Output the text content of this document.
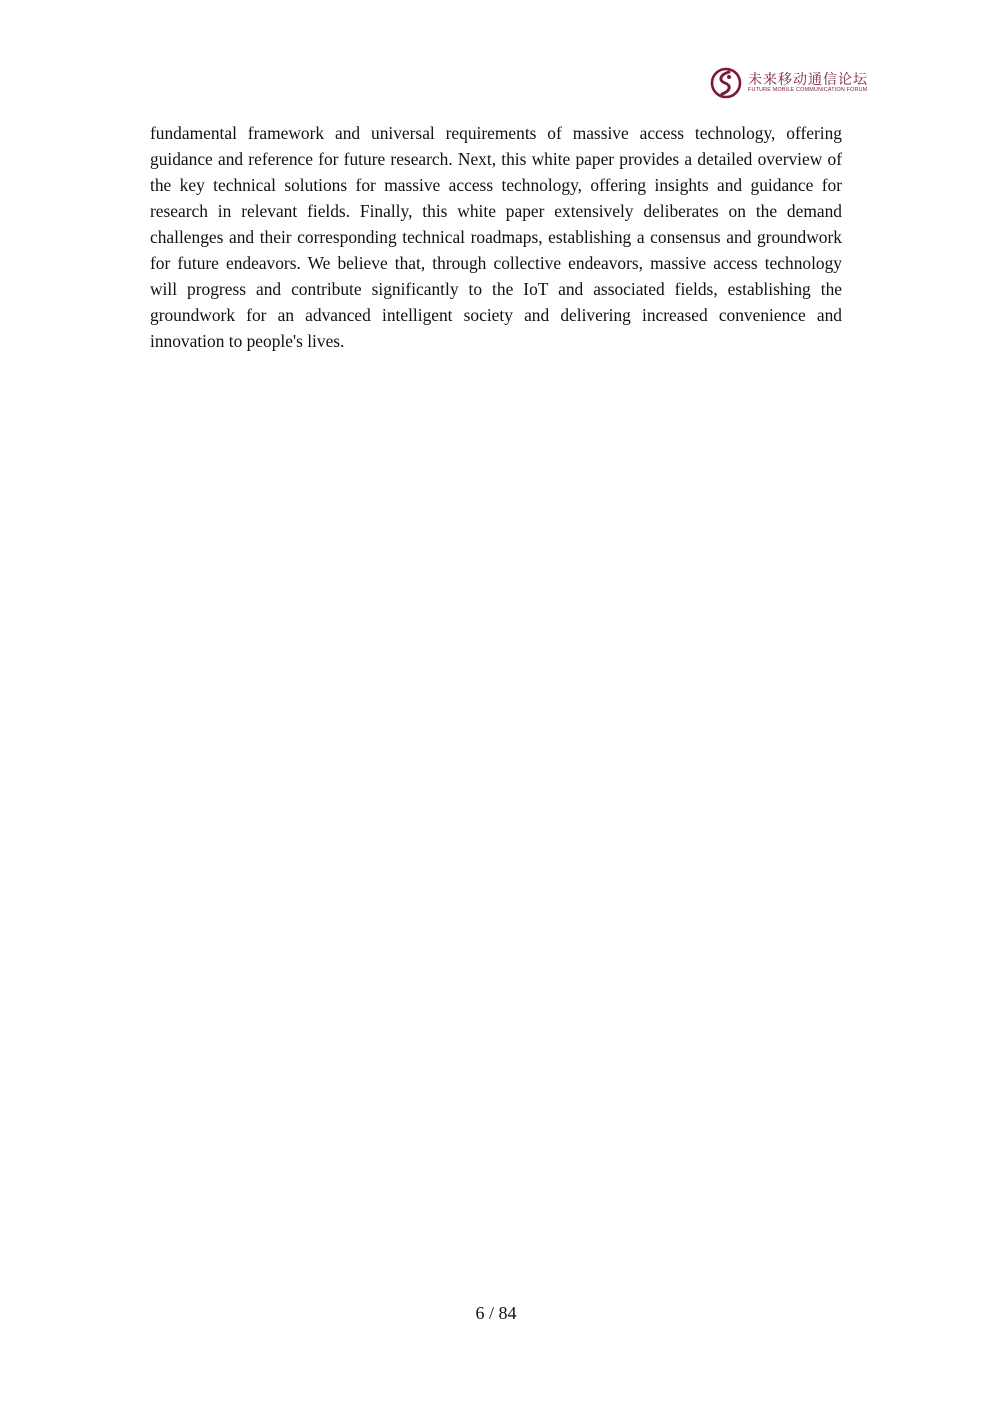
未来移动通信论坛
FUTURE MOBILE COMMUNICATION FORUM

fundamental framework and universal requirements of massive access technology, offering guidance and reference for future research. Next, this white paper provides a detailed overview of the key technical solutions for massive access technology, offering insights and guidance for research in relevant fields. Finally, this white paper extensively deliberates on the demand challenges and their corresponding technical roadmaps, establishing a consensus and groundwork for future endeavors. We believe that, through collective endeavors, massive access technology will progress and contribute significantly to the IoT and associated fields, establishing the groundwork for an advanced intelligent society and delivering increased convenience and innovation to people's lives.

6 / 84
